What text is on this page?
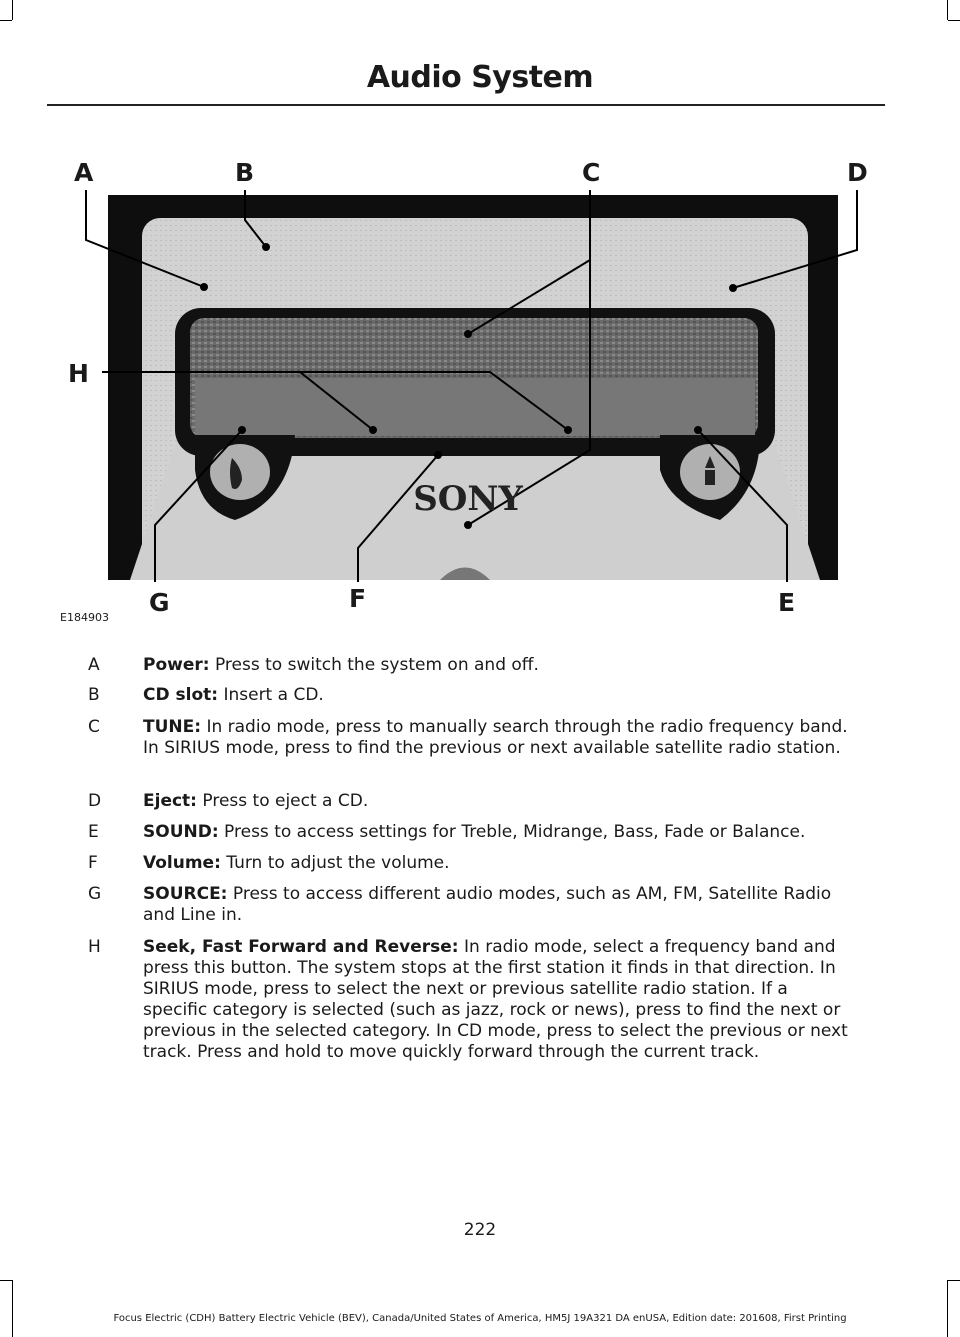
Audio System
SONY
A	B	C	D
E
F
G
H
E184903
A	Power: Press to switch the system on and off.
B	CD slot: Insert a CD.
C	TUNE: In radio mode, press to manually search through the radio frequency band. In SIRIUS mode, press to find the previous or next available satellite radio station.
D Eject: Press to eject a CD.
E	SOUND: Press to access settings for Treble, Midrange, Bass, Fade or Balance.
F	Volume: Turn to adjust the volume.
G SOURCE: Press to access different audio modes, such as AM, FM, Satellite Radio and Line in.
H Seek, Fast Forward and Reverse: In radio mode, select a frequency band and press this button. The system stops at the first station it finds in that direction. In SIRIUS mode, press to select the next or previous satellite radio station. If a specific category is selected (such as jazz, rock or news), press to find the next or previous in the selected category. In CD mode, press to select the previous or next track. Press and hold to move quickly forward through the current track.
222
Focus Electric (CDH) Battery Electric Vehicle (BEV), Canada/United States of America, HM5J 19A321 DA enUSA, Edition date: 201608, First Printing
